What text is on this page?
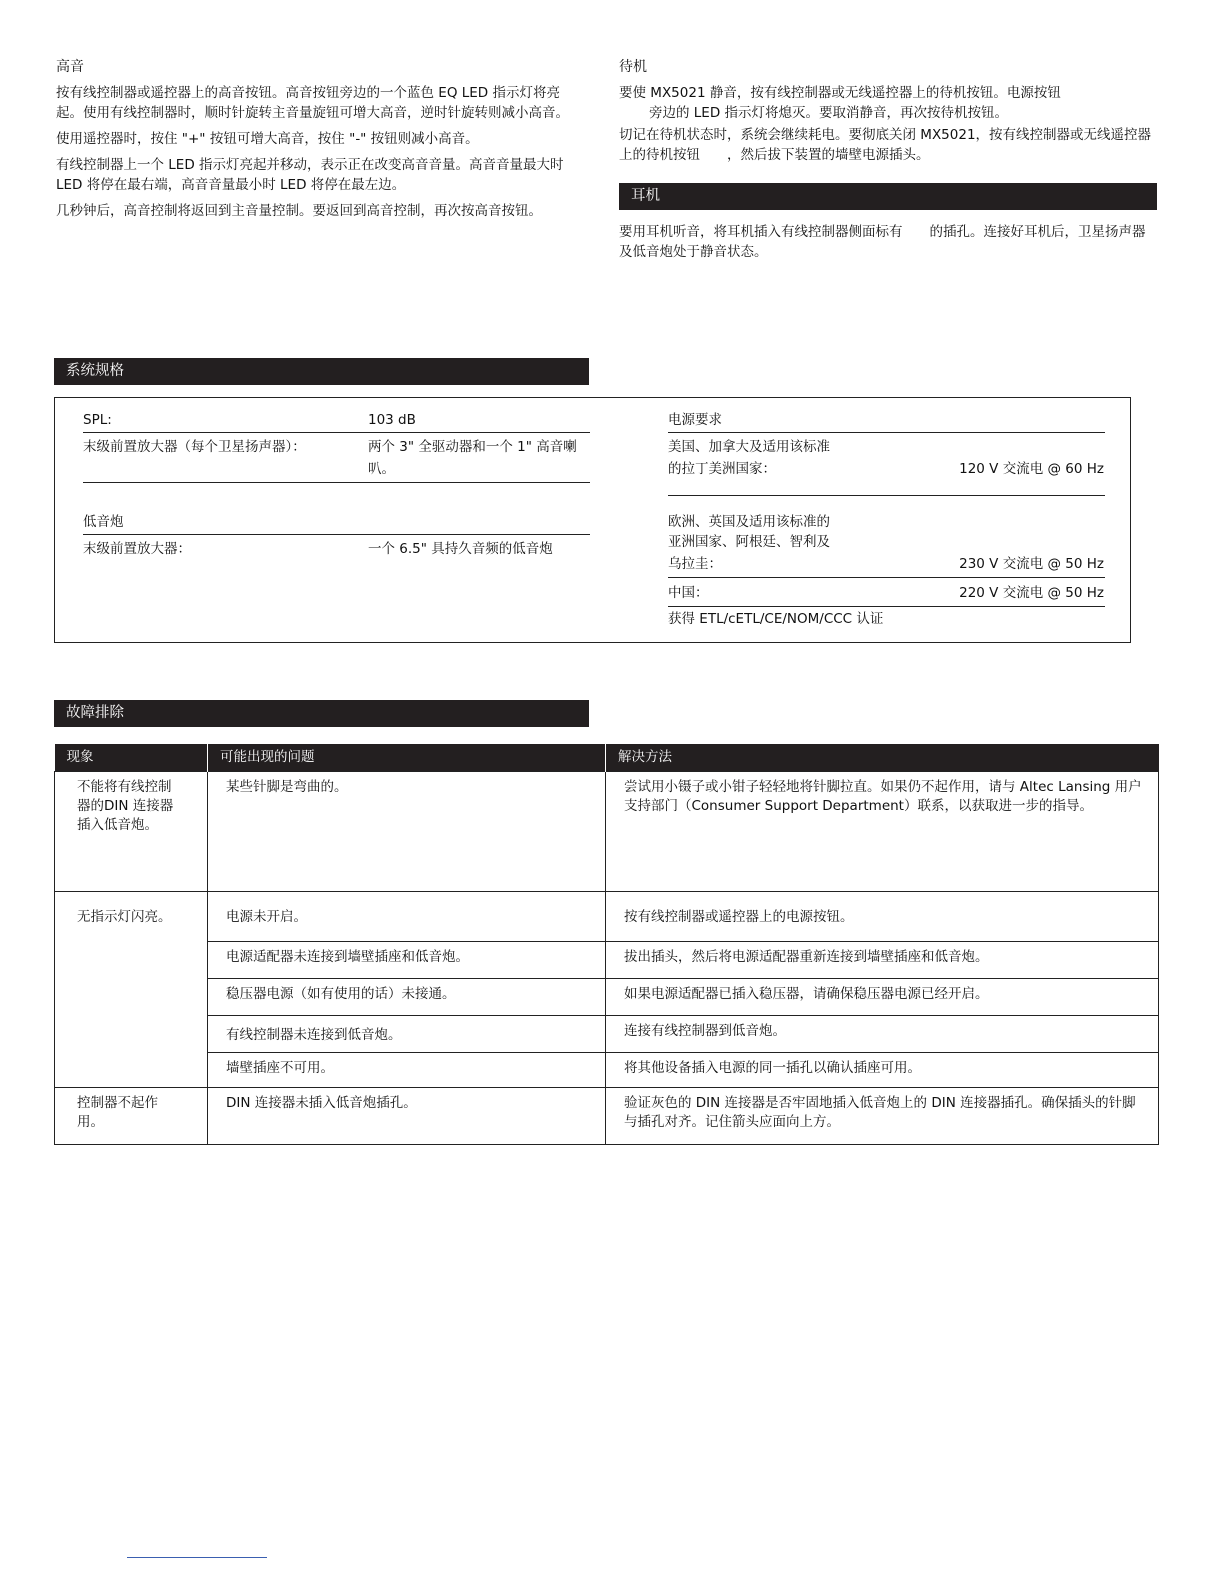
高音

按有线控制器或遥控器上的高音按钮。高音按钮旁边的一个蓝色 EQ LED 指示灯将亮起。使用有线控制器时，顺时针旋转主音量旋钮可增大高音，逆时针旋转则减小高音。

使用遥控器时，按住 "+" 按钮可增大高音，按住 "-" 按钮则减小高音。

有线控制器上一个 LED 指示灯亮起并移动，表示正在改变高音音量。高音音量最大时 LED 将停在最右端，高音音量最小时 LED 将停在最左边。

几秒钟后，高音控制将返回到主音量控制。要返回到高音控制，再次按高音按钮。

待机

要使 MX5021 静音，按有线控制器或无线遥控器上的待机按钮。电源按钮
旁边的 LED 指示灯将熄灭。要取消静音，再次按待机按钮。

切记在待机状态时，系统会继续耗电。要彻底关闭 MX5021，按有线控制器或无线遥控器上的待机按钮　　，然后拔下装置的墙壁电源插头。

耳机
要用耳机听音，将耳机插入有线控制器侧面标有　　的插孔。连接好耳机后，卫星扬声器及低音炮处于静音状态。
系统规格
SPL:	103 dB
末级前置放大器（每个卫星扬声器）：	两个 3" 全驱动器和一个 1" 高音喇叭。
低音炮
末级前置放大器：	一个 6.5" 具持久音频的低音炮
电源要求
美国、加拿大及适用该标准
的拉丁美洲国家：	120 V 交流电 @ 60 Hz
欧洲、英国及适用该标准的
亚洲国家、阿根廷、智利及
乌拉圭：	230 V 交流电 @ 50 Hz
中国：	220 V 交流电 @ 50 Hz
获得 ETL/cETL/CE/NOM/CCC 认证
故障排除
现象	可能出现的问题	解决方法
不能将有线控制器的DIN 连接器插入低音炮。	某些针脚是弯曲的。	尝试用小镊子或小钳子轻轻地将针脚拉直。如果仍不起作用，请与 Altec Lansing 用户支持部门（Consumer Support Department）联系，以获取进一步的指导。
无指示灯闪亮。	电源未开启。	按有线控制器或遥控器上的电源按钮。
	电源适配器未连接到墙壁插座和低音炮。	拔出插头，然后将电源适配器重新连接到墙壁插座和低音炮。
	稳压器电源（如有使用的话）未接通。	如果电源适配器已插入稳压器，请确保稳压器电源已经开启。
	有线控制器未连接到低音炮。	连接有线控制器到低音炮。
	墙壁插座不可用。	将其他设备插入电源的同一插孔以确认插座可用。
控制器不起作用。	DIN 连接器未插入低音炮插孔。	验证灰色的 DIN 连接器是否牢固地插入低音炮上的 DIN 连接器插孔。确保插头的针脚与插孔对齐。记住箭头应面向上方。
